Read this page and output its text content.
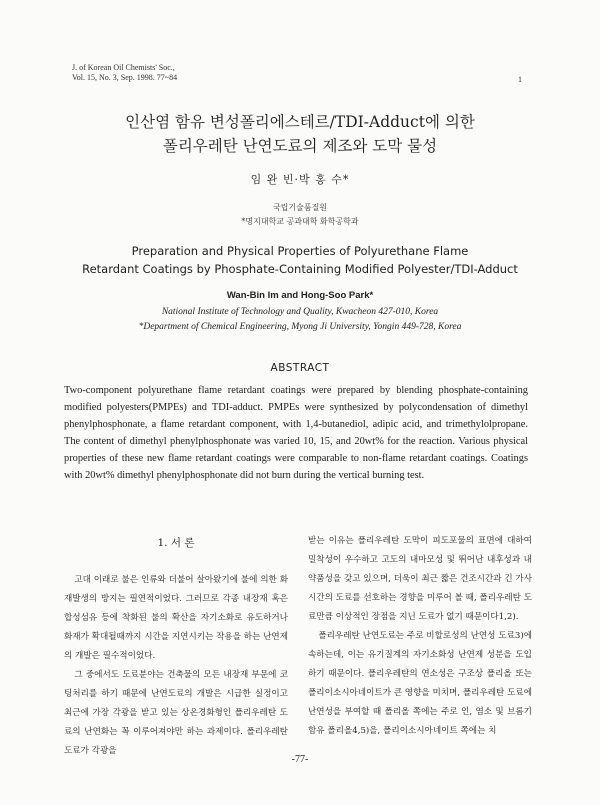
J. of Korean Oil Chemists' Soc.,
Vol. 15, No. 3, Sep. 1998. 77~84	1
인산염 함유 변성폴리에스테르/TDI-Adduct에 의한
폴리우레탄 난연도료의 제조와 도막 물성
임 완 빈·박 홍 수*
국립기술품질원
*명지대학교 공과대학 화학공학과
Preparation and Physical Properties of Polyurethane Flame
Retardant Coatings by Phosphate-Containing Modified Polyester/TDI-Adduct
Wan-Bin Im and Hong-Soo Park*
National Institute of Technology and Quality, Kwacheon 427-010, Korea
*Department of Chemical Engineering, Myong Ji University, Yongin 449-728, Korea
ABSTRACT
Two-component polyurethane flame retardant coatings were prepared by blending phosphate-containing modified polyesters(PMPEs) and TDI-adduct. PMPEs were synthesized by polycondensation of dimethyl phenylphosphonate, a flame retardant component, with 1,4-butanediol, adipic acid, and trimethylolpropane. The content of dimethyl phenylphosphonate was varied 10, 15, and 20wt% for the reaction. Various physical properties of these new flame retardant coatings were comparable to non-flame retardant coatings. Coatings with 20wt% dimethyl phenylphosphonate did not burn during the vertical burning test.
1. 서 론

고대 이래로 불은 인류와 더불어 살아왔기에 불에 의한 화재발생의 방지는 필연적이었다. 그러므로 각종 내장재 혹은 합성섬유 등에 착화된 불의 확산을 자기소화로 유도하거나 화재가 확대될때까지 시간을 지연시키는 작용을 하는 난연제의 개발은 필수적이었다.

그 중에서도 도료분야는 건축물의 모든 내장재 부문에 코팅처리를 하기 때문에 난연도료의 개발은 시급한 실정이고 최근에 가장 각광을 받고 있는 상온경화형인 폴리우레탄 도료의 난연화는 꼭 이루어져야만 하는 과제이다. 폴리우레탄 도료가 각광을

받는 이유는 폴리우레탄 도막이 피도포물의 표면에 대하여 밀착성이 우수하고 고도의 내마모성 및 뛰어난 내후성과 내약품성을 갖고 있으며, 더욱이 최근 짧은 건조시간과 긴 가사시간의 도료를 선호하는 경향을 미루어 볼 때, 폴리우레탄 도료만큼 이상적인 장점을 지닌 도료가 없기 때문이다1,2).

폴리우레탄 난연도료는 주로 비할로성의 난연성 도료3)에 속하는데, 이는 유기질계의 자기소화성 난연제 성분을 도입하기 때문이다. 폴리우레탄의 연소성은 구조상 폴리올 또는 폴리이소시아네이트가 큰 영향을 미치며, 폴리우레탄 도료에 난연성을 부여할 때 폴리올 쪽에는 주로 인, 염소 및 브롬기 함유 폴리올4,5)을, 폴리이소시아네이트 쪽에는 치

-77-
